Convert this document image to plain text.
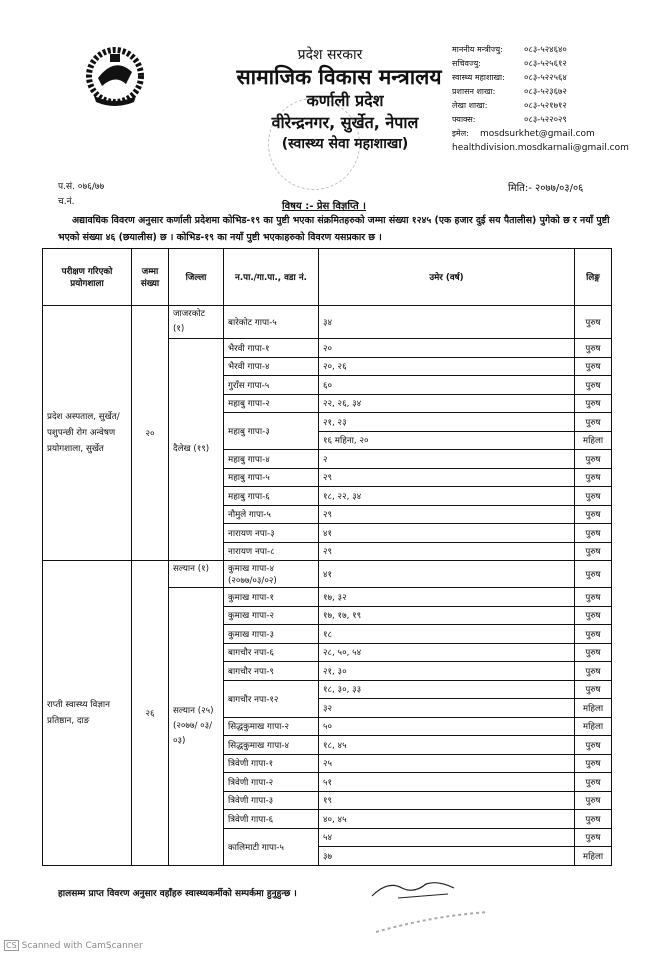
प्रदेश सरकार
सामाजिक विकास मन्त्रालय
कर्णाली प्रदेश
वीरेन्द्रनगर, सुर्खेत, नेपाल
(स्वास्थ्य सेवा महाशाखा)
माननीय मन्त्रीज्यु:	०८३-५२४६४०
सचिवज्यु:	०८३-५२५६१२
स्वास्थ्य महाशाखा:	०८३-५२२५६४
प्रशासन शाखा:	०८३-५२३६७२
लेखा शाखा:	०८३-५२१७१२
फ्याक्स:	०८३-५२२०२९
इमेल:	mosdsurkhet@gmail.com
healthdivision.mosdkarnali@gmail.com
प.सं. ०७६/७७
च.नं.
मिति:- २०७७/०३/०६
विषय :- प्रेस विज्ञप्ति ।
अद्यावधिक विवरण अनुसार कर्णाली प्रदेशमा कोभिड-१९ का पुष्टी भएका संक्रमितहरुको जम्मा संख्या १२४५ (एक हजार दुई सय पैतालीस) पुगेको छ र नयाँ पुष्टी भएको संख्या ४६ (छयालीस) छ । कोभिड-१९ का नयाँ पुष्टी भएकाहरुको विवरण यसप्रकार छ ।
परीक्षण गरिएको प्रयोगशाला	जम्मा संख्या	जिल्ला	न.पा./गा.पा., वडा नं.	उमेर (वर्ष)	लिङ्ग
प्रदेश अस्पताल, सुर्खेत/ पशुपन्छी रोग अन्वेषण प्रयोगशाला, सुर्खेत	२०	जाजरकोट (१)	बारेकोट गापा-५	३४	पुरुष
		दैलेख (१९)	भैरवी गापा-१	२०	पुरुष
			भैरवी गापा-४	२०, २६	पुरुष
			गुराँस गापा-५	६०	पुरुष
			महाबु गापा-२	२२, २६, ३४	पुरुष
			महाबु गापा-३	२१, २३	पुरुष
				१६ महिना, २०	महिला
			महाबु गापा-४	२	पुरुष
			महाबु गापा-५	२९	पुरुष
			महाबु गापा-६	१८, २२, ३४	पुरुष
			नौमुले गापा-५	२९	पुरुष
			नारायण नपा-३	४१	पुरुष
			नारायण नपा-८	२९	पुरुष
राप्ती स्वास्थ्य विज्ञान प्रतिष्ठान, दाङ	२६	सल्यान (१)	कुमाख गापा-४ (२०७७/०३/०२)	४१	पुरुष
		सल्यान (२५) (२०७७/ ०३/ ०३)	कुमाख गापा-१	१७, ३२	पुरुष
			कुमाख गापा-२	१७, १७, १९	पुरुष
			कुमाख गापा-३	१८	पुरुष
			बागचौर नपा-६	२८, ५०, ५४	पुरुष
			बागचौर नपा-९	२१, ३०	पुरुष
			बागचौर नपा-१२	१८, ३०, ३३	पुरुष
				३२	महिला
			सिद्धकुमाख गापा-२	५०	महिला
			सिद्धकुमाख गापा-४	१८, ४५	पुरुष
			त्रिवेणी गापा-१	२५	पुरुष
			त्रिवेणी गापा-२	५१	पुरुष
			त्रिवेणी गापा-३	१९	पुरुष
			त्रिवेणी गापा-६	४०, ४५	पुरुष
			कालिमाटी गापा-५	५४	पुरुष
				३७	महिला
हालसम्म प्राप्त विवरण अनुसार वहाँहरु स्वास्थ्यकर्मीको सम्पर्कमा हुनुहुन्छ ।
CS Scanned with CamScanner
